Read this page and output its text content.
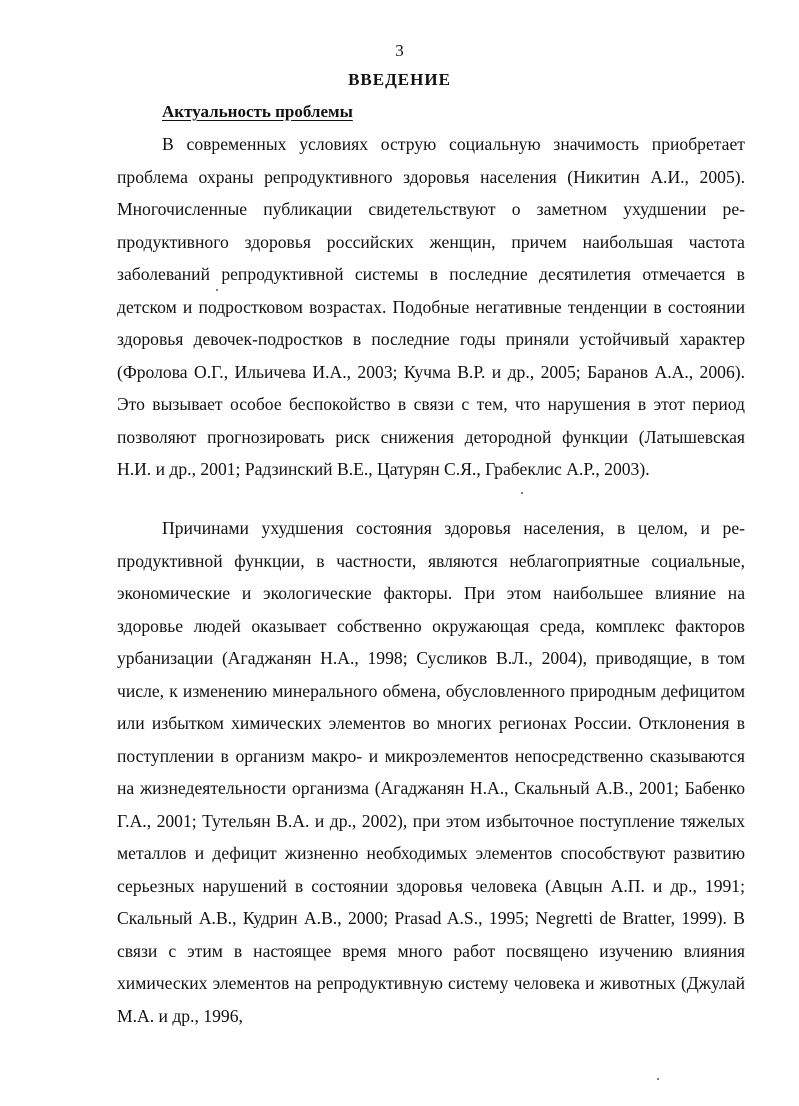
3
ВВЕДЕНИЕ
Актуальность проблемы

В современных условиях острую социальную значимость приобретает проблема охраны репродуктивного здоровья населения (Никитин А.И., 2005). Многочисленные публикации свидетельствуют о заметном ухудшении репродуктивного здоровья российских женщин, причем наибольшая частота заболеваний репродуктивной системы в последние десятилетия отмечается в детском и подростковом возрастах. Подобные негативные тенденции в состоянии здоровья девочек-подростков в последние годы приняли устойчивый характер (Фролова О.Г., Ильичева И.А., 2003; Кучма В.Р. и др., 2005; Баранов А.А., 2006). Это вызывает особое беспокойство в связи с тем, что нарушения в этот период позволяют прогнозировать риск снижения детородной функции (Латышевская Н.И. и др., 2001; Радзинский В.Е., Цатурян С.Я., Грабеклис А.Р., 2003).

Причинами ухудшения состояния здоровья населения, в целом, и репродуктивной функции, в частности, являются неблагоприятные социальные, экономические и экологические факторы. При этом наибольшее влияние на здоровье людей оказывает собственно окружающая среда, комплекс факторов урбанизации (Агаджанян Н.А., 1998; Сусликов В.Л., 2004), приводящие, в том числе, к изменению минерального обмена, обусловленного природным дефицитом или избытком химических элементов во многих регионах России. Отклонения в поступлении в организм макро- и микроэлементов непосредственно сказываются на жизнедеятельности организма (Агаджанян Н.А., Скальный А.В., 2001; Бабенко Г.А., 2001; Тутельян В.А. и др., 2002), при этом избыточное поступление тяжелых металлов и дефицит жизненно необходимых элементов способствуют развитию серьезных нарушений в состоянии здоровья человека (Авцын А.П. и др., 1991; Скальный А.В., Кудрин А.В., 2000; Prasad A.S., 1995; Negretti de Bratter, 1999). В связи с этим в настоящее время много работ посвящено изучению влияния химических элементов на репродуктивную систему человека и животных (Джулай М.А. и др., 1996,
